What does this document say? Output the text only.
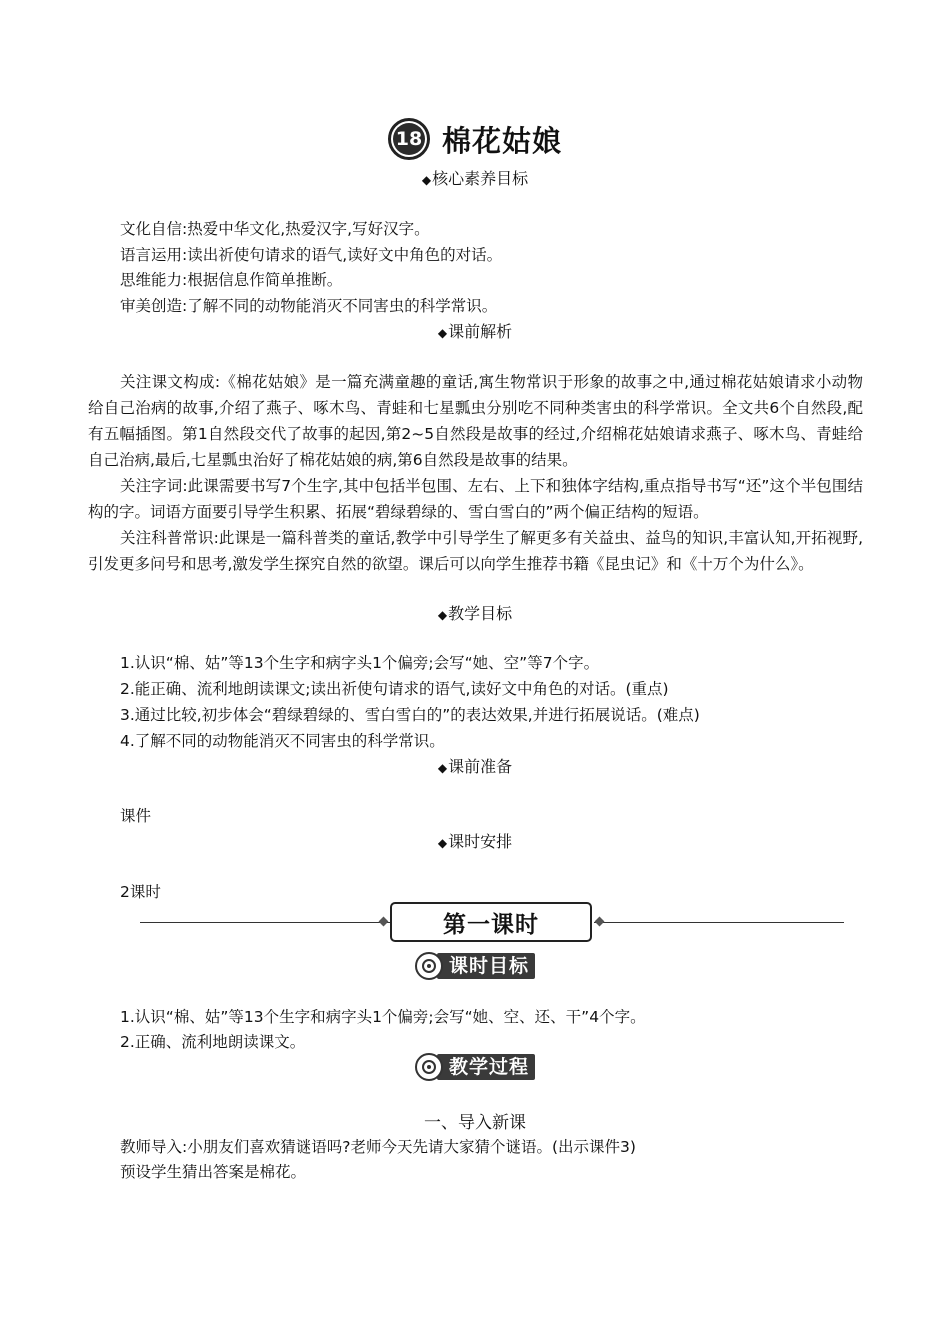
18 棉花姑娘
◆核心素养目标
文化自信:热爱中华文化,热爱汉字,写好汉字。
语言运用:读出祈使句请求的语气,读好文中角色的对话。
思维能力:根据信息作简单推断。
审美创造:了解不同的动物能消灭不同害虫的科学常识。
◆课前解析
关注课文构成:《棉花姑娘》是一篇充满童趣的童话,寓生物常识于形象的故事之中,通过棉花姑娘请求小动物给自己治病的故事,介绍了燕子、啄木鸟、青蛙和七星瓢虫分别吃不同种类害虫的科学常识。全文共6个自然段,配有五幅插图。第1自然段交代了故事的起因,第2~5自然段是故事的经过,介绍棉花姑娘请求燕子、啄木鸟、青蛙给自己治病,最后,七星瓢虫治好了棉花姑娘的病,第6自然段是故事的结果。
关注字词:此课需要书写7个生字,其中包括半包围、左右、上下和独体字结构,重点指导书写“还”这个半包围结构的字。词语方面要引导学生积累、拓展“碧绿碧绿的、雪白雪白的”两个偏正结构的短语。
关注科普常识:此课是一篇科普类的童话,教学中引导学生了解更多有关益虫、益鸟的知识,丰富认知,开拓视野,引发更多问号和思考,激发学生探究自然的欲望。课后可以向学生推荐书籍《昆虫记》和《十万个为什么》。
◆教学目标
1.认识“棉、姑”等13个生字和病字头1个偏旁;会写“她、空”等7个字。
2.能正确、流利地朗读课文;读出祈使句请求的语气,读好文中角色的对话。(重点)
3.通过比较,初步体会“碧绿碧绿的、雪白雪白的”的表达效果,并进行拓展说话。(难点)
4.了解不同的动物能消灭不同害虫的科学常识。
◆课前准备
课件
◆课时安排
2课时
第一课时
课时目标
1.认识“棉、姑”等13个生字和病字头1个偏旁;会写“她、空、还、干”4个字。
2.正确、流利地朗读课文。
教学过程
一、导入新课
教师导入:小朋友们喜欢猜谜语吗?老师今天先请大家猜个谜语。(出示课件3)
预设学生猜出答案是棉花。
